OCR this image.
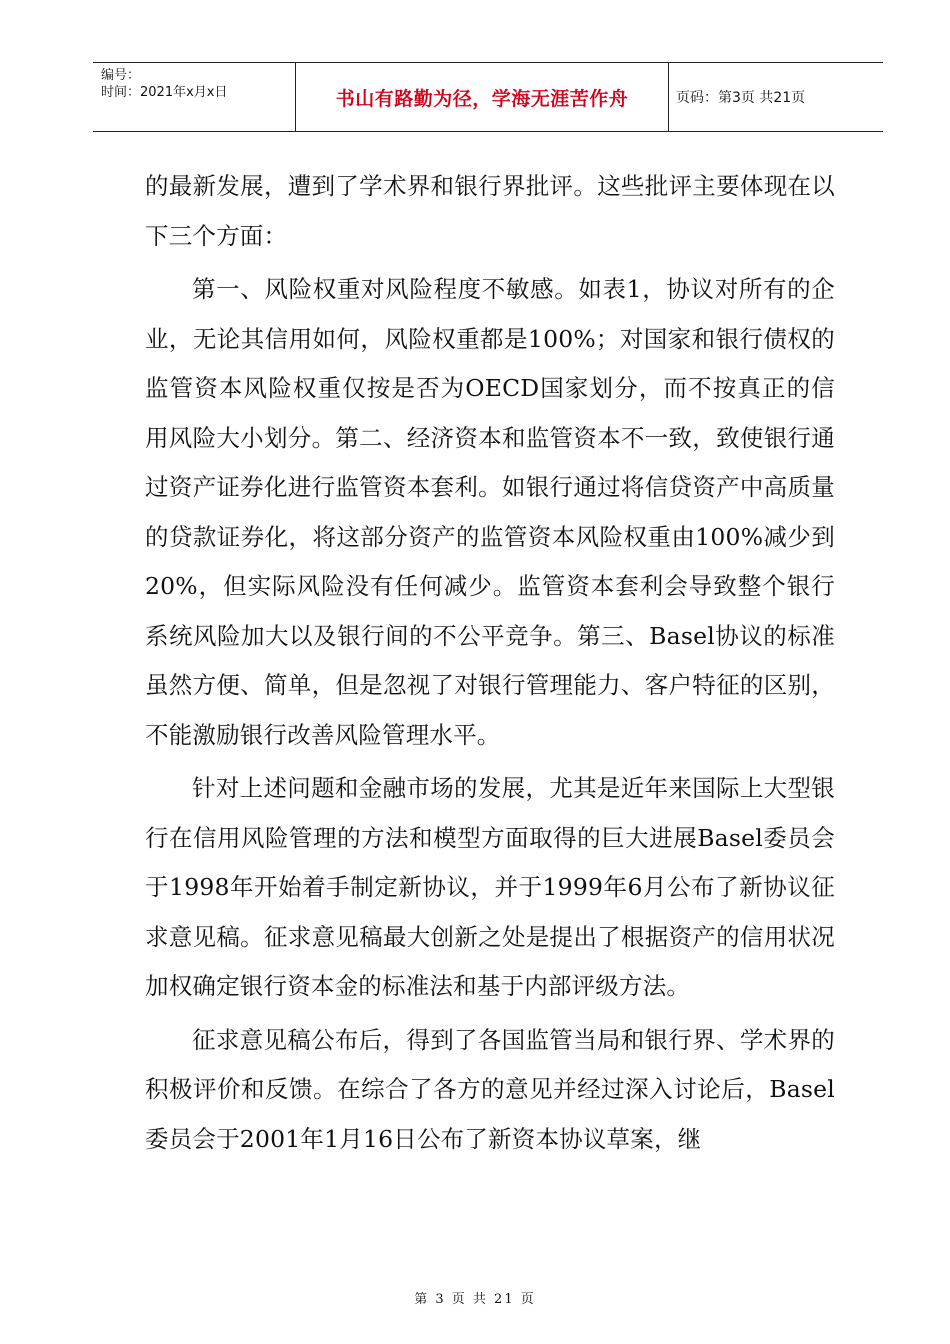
编号：
时间：2021年x月x日	书山有路勤为径，学海无涯苦作舟	页码：第3页 共21页

的最新发展，遭到了学术界和银行界批评。这些批评主要体现在以下三个方面：

第一、风险权重对风险程度不敏感。如表1，协议对所有的企业，无论其信用如何，风险权重都是100%；对国家和银行债权的监管资本风险权重仅按是否为OECD国家划分，而不按真正的信用风险大小划分。第二、经济资本和监管资本不一致，致使银行通过资产证券化进行监管资本套利。如银行通过将信贷资产中高质量的贷款证券化，将这部分资产的监管资本风险权重由100%减少到20%，但实际风险没有任何减少。监管资本套利会导致整个银行系统风险加大以及银行间的不公平竞争。第三、Basel协议的标准虽然方便、简单，但是忽视了对银行管理能力、客户特征的区别，不能激励银行改善风险管理水平。

针对上述问题和金融市场的发展，尤其是近年来国际上大型银行在信用风险管理的方法和模型方面取得的巨大进展Basel委员会于1998年开始着手制定新协议，并于1999年6月公布了新协议征求意见稿。征求意见稿最大创新之处是提出了根据资产的信用状况加权确定银行资本金的标准法和基于内部评级方法。

征求意见稿公布后，得到了各国监管当局和银行界、学术界的积极评价和反馈。在综合了各方的意见并经过深入讨论后，Basel委员会于2001年1月16日公布了新资本协议草案，继

第 3 页 共 21 页
